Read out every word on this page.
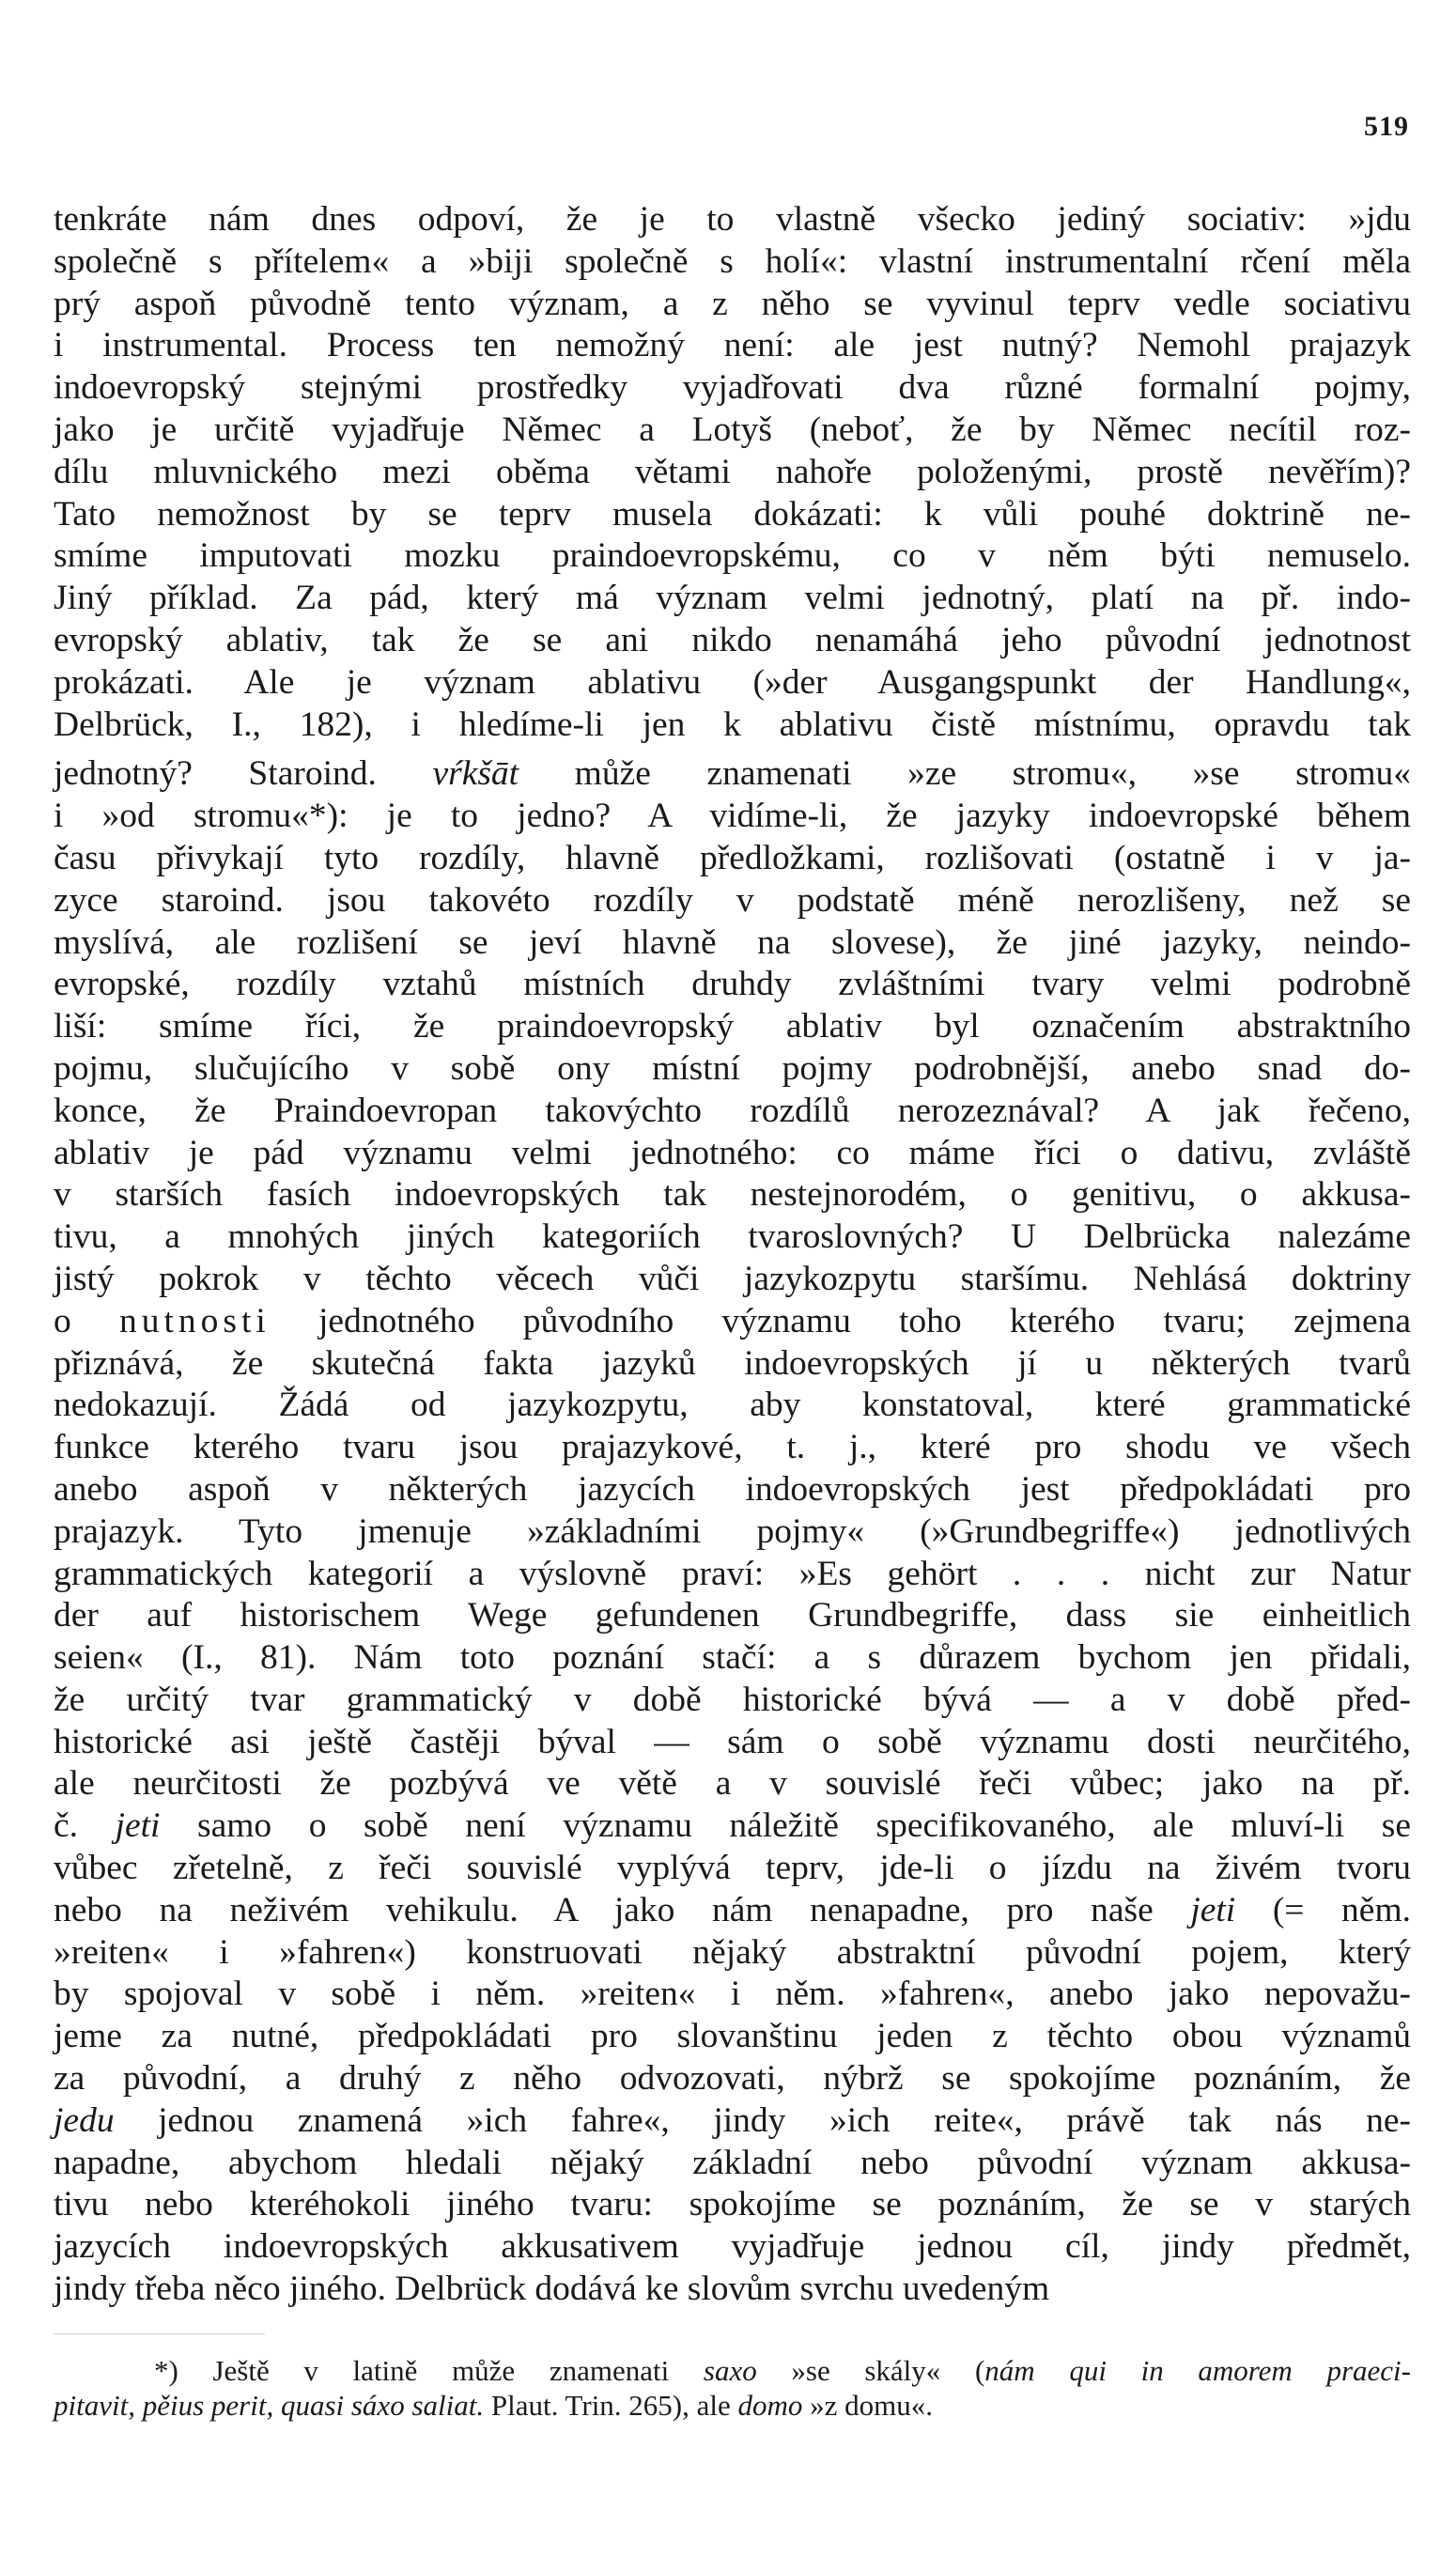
519
tenkráte nám dnes odpoví, že je to vlastně všecko jediný sociativ: »jdu
společně s přítelem« a »biji společně s holí«: vlastní instrumentalní rčení měla
prý aspoň původně tento význam, a z něho se vyvinul teprv vedle sociativu
i instrumental. Process ten nemožný není: ale jest nutný? Nemohl prajazyk
indoevropský stejnými prostředky vyjadřovati dva různé formalní pojmy,
jako je určitě vyjadřuje Němec a Lotyš (neboť, že by Němec necítil roz-
dílu mluvnického mezi oběma větami nahoře položenými, prostě nevěřím)?
Tato nemožnost by se teprv musela dokázati: k vůli pouhé doktrině ne-
smíme imputovati mozku praindoevropskému, co v něm býti nemuselo.
Jiný příklad. Za pád, který má význam velmi jednotný, platí na př. indo-
evropský ablativ, tak že se ani nikdo nenamáhá jeho původní jednotnost
prokázati. Ale je význam ablativu (»der Ausgangspunkt der Handlung«,
Delbrück, I., 182), i hledíme-li jen k ablativu čistě místnímu, opravdu tak
jednotný? Staroind. vŕkšāt může znamenati »ze stromu«, »se stromu«
i »od stromu«*): je to jedno? A vidíme-li, že jazyky indoevropské během
času přivykají tyto rozdíly, hlavně předložkami, rozlišovati (ostatně i v ja-
zyce staroind. jsou takovéto rozdíly v podstatě méně nerozlišeny, než se
myslívá, ale rozlišení se jeví hlavně na slovese), že jiné jazyky, neindo-
evropské, rozdíly vztahů místních druhdy zvláštními tvary velmi podrobně
liší: smíme říci, že praindoevropský ablativ byl označením abstraktního
pojmu, slučujícího v sobě ony místní pojmy podrobnější, anebo snad do-
konce, že Praindoevropan takovýchto rozdílů nerozeznával? A jak řečeno,
ablativ je pád významu velmi jednotného: co máme říci o dativu, zvláště
v starších fasích indoevropských tak nestejnorodém, o genitivu, o akkusa-
tivu, a mnohých jiných kategoriích tvaroslovných? U Delbrücka nalezáme
jistý pokrok v těchto věcech vůči jazykozpytu staršímu. Nehlásá doktriny
o nutnosti jednotného původního významu toho kterého tvaru; zejmena
přiznává, že skutečná fakta jazyků indoevropských jí u některých tvarů
nedokazují. Žádá od jazykozpytu, aby konstatoval, které grammatické
funkce kterého tvaru jsou prajazykové, t. j., které pro shodu ve všech
anebo aspoň v některých jazycích indoevropských jest předpokládati pro
prajazyk. Tyto jmenuje »základními pojmy« (»Grundbegriffe«) jednotlivých
grammatických kategorií a výslovně praví: »Es gehört . . . nicht zur Natur
der auf historischem Wege gefundenen Grundbegriffe, dass sie einheitlich
seien« (I., 81). Nám toto poznání stačí: a s důrazem bychom jen přidali,
že určitý tvar grammatický v době historické bývá — a v době před-
historické asi ještě častěji býval — sám o sobě významu dosti neurčitého,
ale neurčitosti že pozbývá ve větě a v souvislé řeči vůbec; jako na př.
č. jeti samo o sobě není významu náležitě specifikovaného, ale mluví-li se
vůbec zřetelně, z řeči souvislé vyplývá teprv, jde-li o jízdu na živém tvoru
nebo na neživém vehikulu. A jako nám nenapadne, pro naše jeti (= něm.
»reiten« i »fahren«) konstruovati nějaký abstraktní původní pojem, který
by spojoval v sobě i něm. »reiten« i něm. »fahren«, anebo jako nepovažu-
jeme za nutné, předpokládati pro slovanštinu jeden z těchto obou významů
za původní, a druhý z něho odvozovati, nýbrž se spokojíme poznáním, že
jedu jednou znamená »ich fahre«, jindy »ich reite«, právě tak nás ne-
napadne, abychom hledali nějaký základní nebo původní význam akkusa-
tivu nebo kteréhokoli jiného tvaru: spokojíme se poznáním, že se v starých
jazycích indoevropských akkusativem vyjadřuje jednou cíl, jindy předmět,
jindy třeba něco jiného. Delbrück dodává ke slovům svrchu uvedeným
*) Ještě v latině může znamenati saxo »se skály« (nám qui in amorem praeci-
pitavit, pěius perit, quasi sáxo saliat. Plaut. Trin. 265), ale domo »z domu«.
